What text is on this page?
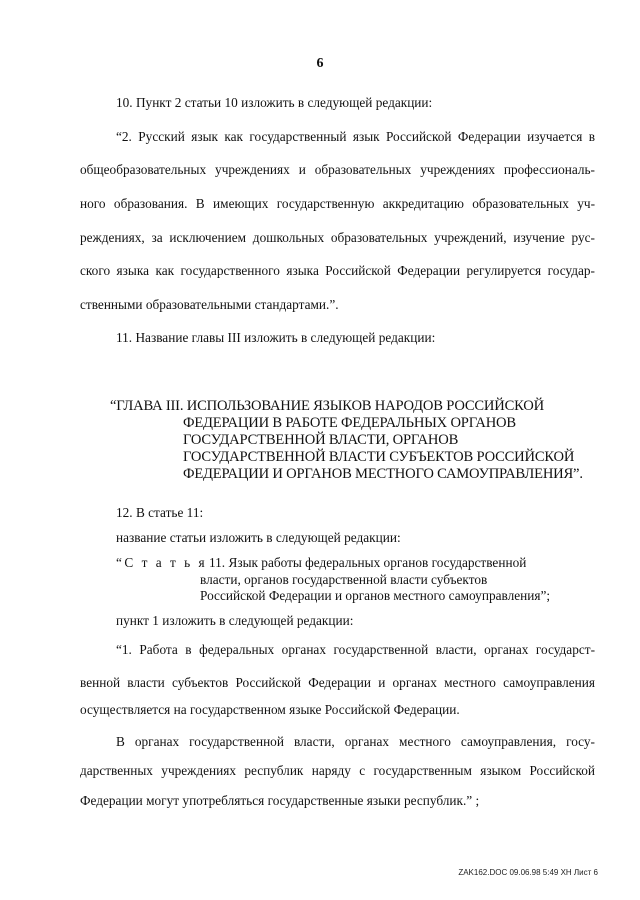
6
10. Пункт 2 статьи 10 изложить в следующей редакции:
“2. Русский язык как государственный язык Российской Федерации изучается в
общеобразовательных учреждениях и образовательных учреждениях профессиональ-
ного образования. В имеющих государственную аккредитацию образовательных уч-
реждениях, за исключением дошкольных образовательных учреждений, изучение рус-
ского языка как государственного языка Российской Федерации регулируется государ-
ственными образовательными стандартами.”.
11. Название главы III изложить в следующей редакции:
“ГЛАВА III. ИСПОЛЬЗОВАНИЕ ЯЗЫКОВ НАРОДОВ РОССИЙСКОЙ
ФЕДЕРАЦИИ В РАБОТЕ ФЕДЕРАЛЬНЫХ ОРГАНОВ
ГОСУДАРСТВЕННОЙ ВЛАСТИ, ОРГАНОВ
ГОСУДАРСТВЕННОЙ ВЛАСТИ СУБЪЕКТОВ РОССИЙСКОЙ
ФЕДЕРАЦИИ И ОРГАНОВ МЕСТНОГО САМОУПРАВЛЕНИЯ”.
12. В статье 11:
название статьи изложить в следующей редакции:
“С т а т ь я 11. Язык работы федеральных органов государственной
власти, органов государственной власти субъектов
Российской Федерации и органов местного самоуправления”;
пункт 1 изложить в следующей редакции:
“1. Работа в федеральных органах государственной власти, органах государст-
венной власти субъектов Российской Федерации и органах местного самоуправления
осуществляется на государственном языке Российской Федерации.
В органах государственной власти, органах местного самоуправления, госу-
дарственных учреждениях республик наряду с государственным языком Российской
Федерации могут употребляться государственные языки республик.” ;
ZAK162.DOC 09.06.98 5:49 XH Лист 6
